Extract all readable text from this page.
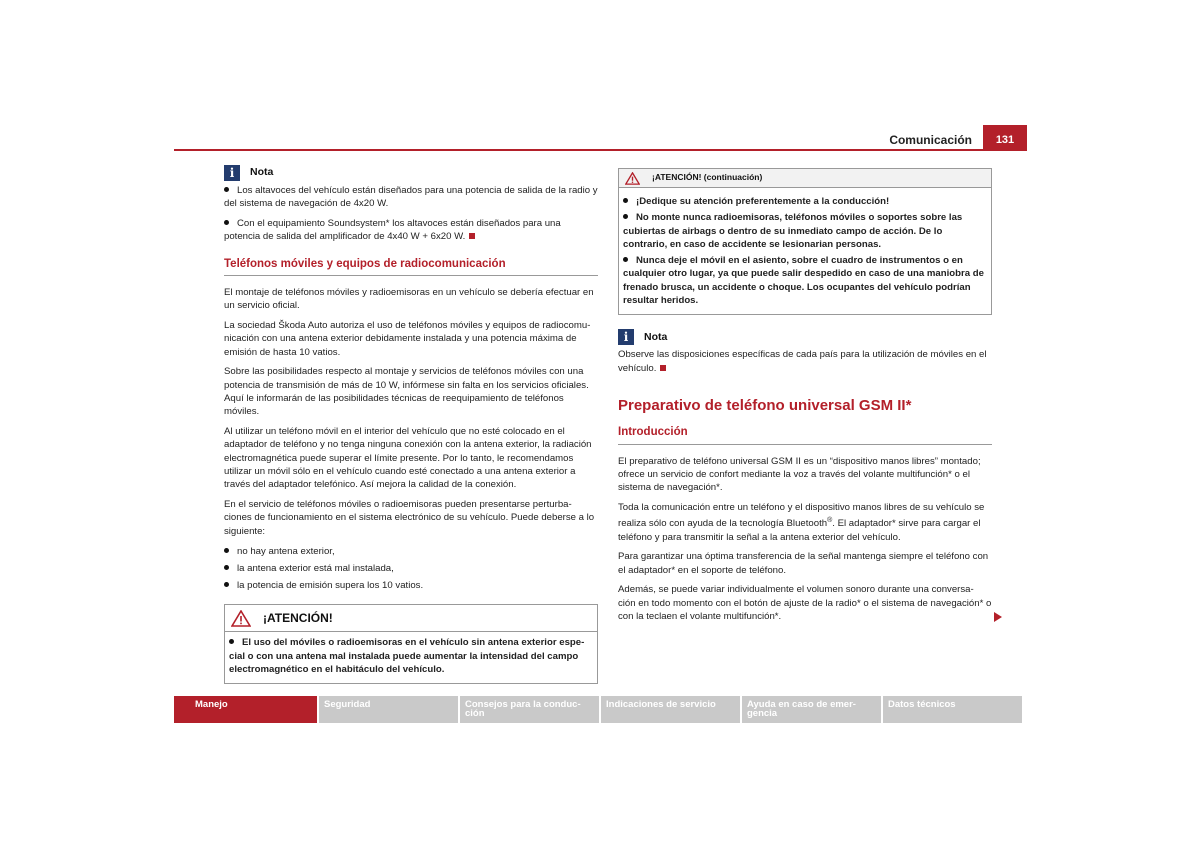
Comunicación	131
i	Nota

Los altavoces del vehículo están diseñados para una potencia de salida de la radio y del sistema de navegación de 4x20 W.

Con el equipamiento Soundsystem* los altavoces están diseñados para una potencia de salida del amplificador de 4x40 W + 6x20 W.

Teléfonos móviles y equipos de radiocomunicación

El montaje de teléfonos móviles y radioemisoras en un vehículo se debería efectuar en un servicio oficial.

La sociedad Škoda Auto autoriza el uso de teléfonos móviles y equipos de radiocomu- nicación con una antena exterior debidamente instalada y una potencia máxima de emisión de hasta 10 vatios.

Sobre las posibilidades respecto al montaje y servicios de teléfonos móviles con una potencia de transmisión de más de 10 W, infórmese sin falta en los servicios oficiales. Aquí le informarán de las posibilidades técnicas de reequipamiento de teléfonos móviles.

Al utilizar un teléfono móvil en el interior del vehículo que no esté colocado en el adaptador de teléfono y no tenga ninguna conexión con la antena exterior, la radiación electromagnética puede superar el límite presente. Por lo tanto, le recomendamos utilizar un móvil sólo en el vehículo cuando esté conectado a una antena exterior a través del adaptador telefónico. Así mejora la calidad de la conexión.

En el servicio de teléfonos móviles o radioemisoras pueden presentarse perturba- ciones de funcionamiento en el sistema electrónico de su vehículo. Puede deberse a lo siguiente:

no hay antena exterior,

la antena exterior está mal instalada,

la potencia de emisión supera los 10 vatios.

¡ATENCIÓN!

El uso del móviles o radioemisoras en el vehículo sin antena exterior espe- cial o con una antena mal instalada puede aumentar la intensidad del campo electromagnético en el habitáculo del vehículo.

¡ATENCIÓN! (continuación)

¡Dedique su atención preferentemente a la conducción!

No monte nunca radioemisoras, teléfonos móviles o soportes sobre las cubiertas de airbags o dentro de su inmediato campo de acción. De lo contrario, en caso de accidente se lesionarian personas.

Nunca deje el móvil en el asiento, sobre el cuadro de instrumentos o en cualquier otro lugar, ya que puede salir despedido en caso de una maniobra de frenado brusca, un accidente o choque. Los ocupantes del vehículo podrían resultar heridos.

i	Nota

Observe las disposiciones específicas de cada país para la utilización de móviles en el vehículo.

Preparativo de teléfono universal GSM II*
Introducción

El preparativo de teléfono universal GSM II es un “dispositivo manos libres” montado; ofrece un servicio de confort mediante la voz a través del volante multifunción* o el sistema de navegación*.

Toda la comunicación entre un teléfono y el dispositivo manos libres de su vehículo se realiza sólo con ayuda de la tecnología Bluetooth®. El adaptador* sirve para cargar el teléfono y para transmitir la señal a la antena exterior del vehículo.

Para garantizar una óptima transferencia de la señal mantenga siempre el teléfono con el adaptador* en el soporte de teléfono.

Además, se puede variar individualmente el volumen sonoro durante una conversa- ción en todo momento con el botón de ajuste de la radio* o el sistema de navegación* o con la teclaen el volante multifunción*.

Manejo	Seguridad	Consejos para la conduc- ción
Indicaciones de servicio	Ayuda en caso de emer- gencia
Datos técnicos
